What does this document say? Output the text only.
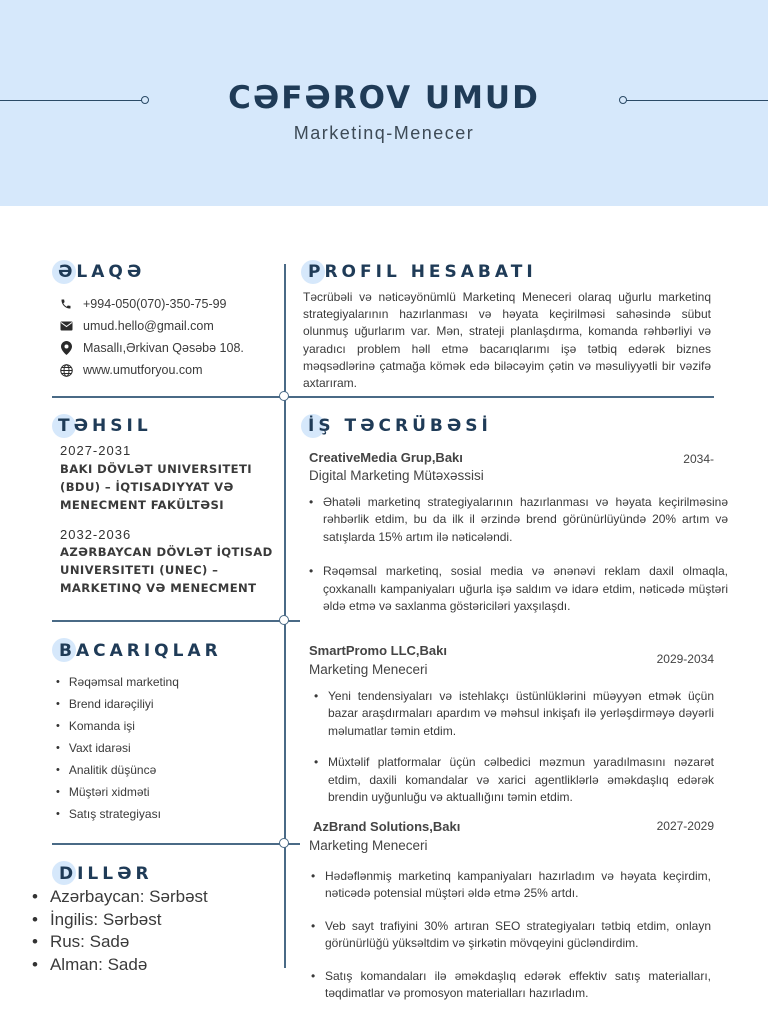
CƏFƏROV UMUD
Marketinq-Menecer
ƏLAQƏ
+994-050(070)-350-75-99
umud.hello@gmail.com
Masallı,Ərkivan Qəsəbə 108.
www.umutforyou.com
TƏHSIL
2027-2031
BAKI DÖVLƏT UNIVERSITETI (BDU) – İQTISADIYYAT VƏ MENECMENT FAKÜLTƏSI
2032-2036
AZƏRBAYCAN DÖVLƏT İQTISAD UNIVERSITETI (UNEC) – MARKETINQ VƏ MENECMENT
BACARIQLAR
• Rəqəmsal marketinq
• Brend idarəçiliyi
• Komanda işi
• Vaxt idarəsi
• Analitik düşüncə
• Müştəri xidməti
• Satış strategiyası
DILLƏR
• Azərbaycan: Sərbəst
• İngilis: Sərbəst
• Rus: Sadə
• Alman: Sadə
PROFIL HESABATI
Təcrübəli və nəticəyönümlü Marketinq Meneceri olaraq uğurlu marketinq strategiyalarının hazırlanması və həyata keçirilməsi sahəsində sübut olunmuş uğurlarım var. Mən, strateji planlaşdırma, komanda rəhbərliyi və yaradıcı problem həll etmə bacarıqlarımı işə tətbiq edərək biznes məqsədlərinə çatmağa kömək edə biləcəyim çətin və məsuliyyətli bir vəzifə axtarıram.
İŞ TƏCRÜBƏSİ
CreativeMedia Grup,Bakı	2034-
Digital Marketing Mütəxəssisi
• Əhatəli marketinq strategiyalarının hazırlanması və həyata keçirilməsinə rəhbərlik etdim, bu da ilk il ərzində brend görünürlüyündə 20% artım və satışlarda 15% artım ilə nəticələndi.
• Rəqəmsal marketinq, sosial media və ənənəvi reklam daxil olmaqla, çoxkanallı kampaniyaları uğurla işə saldım və idarə etdim, nəticədə müştəri əldə etmə və saxlanma göstəriciləri yaxşılaşdı.
SmartPromo LLC,Bakı
2029-2034
Marketing Meneceri
• Yeni tendensiyaları və istehlakçı üstünlüklərini müəyyən etmək üçün bazar araşdırmaları apardım və məhsul inkişafı ilə yerləşdirməyə dəyərli məlumatlar təmin etdim.
• Müxtəlif platformalar üçün cəlbedici məzmun yaradılmasını nəzarət etdim, daxili komandalar və xarici agentliklərlə əməkdaşlıq edərək brendin uyğunluğu və aktuallığını təmin etdim.
AzBrand Solutions,Bakı	2027-2029
Marketing Meneceri
• Hədəflənmiş marketinq kampaniyaları hazırladım və həyata keçirdim, nəticədə potensial müştəri əldə etmə 25% artdı.
• Veb sayt trafiyini 30% artıran SEO strategiyaları tətbiq etdim, onlayn görünürlüğü yüksəltdim və şirkətin mövqeyini gücləndirdim.
• Satış komandaları ilə əməkdaşlıq edərək effektiv satış materialları, təqdimatlar və promosyon materialları hazırladım.
